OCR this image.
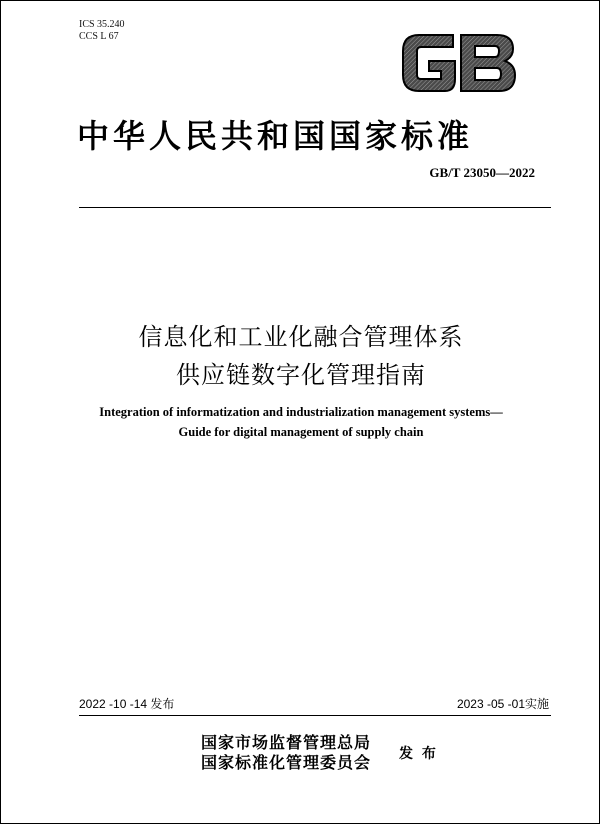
ICS 35.240
CCS L 67
中华人民共和国国家标准
GB/T 23050—2022
信息化和工业化融合管理体系
供应链数字化管理指南
Integration of informatization and industrialization management systems—
Guide for digital management of supply chain
2022 -10 -14 发布	2023 -05 -01实施
国家市场监督管理总局
国家标准化管理委员会 发 布
